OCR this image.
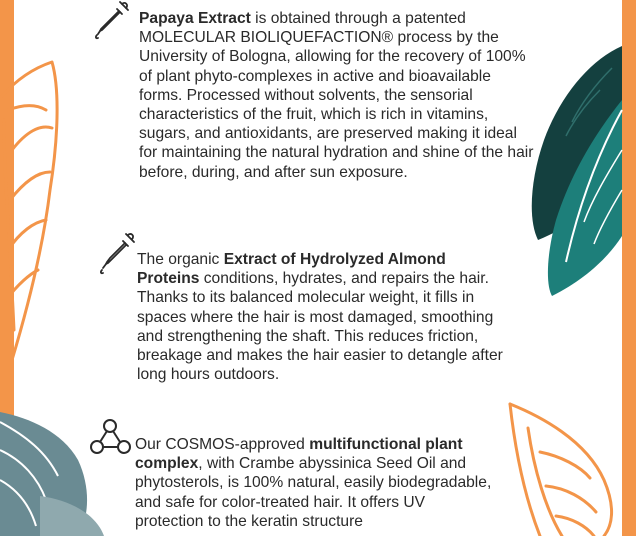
Papaya Extract is obtained through a patented MOLECULAR BIOLIQUEFACTION® process by the University of Bologna, allowing for the recovery of 100% of plant phyto-complexes in active and bioavailable forms. Processed without solvents, the sensorial characteristics of the fruit, which is rich in vitamins, sugars, and antioxidants, are preserved making it ideal for maintaining the natural hydration and shine of the hair before, during, and after sun exposure.

The organic Extract of Hydrolyzed Almond Proteins conditions, hydrates, and repairs the hair. Thanks to its balanced molecular weight, it fills in spaces where the hair is most damaged, smoothing and strengthening the shaft. This reduces friction, breakage and makes the hair easier to detangle after long hours outdoors.

Our COSMOS-approved multifunctional plant complex, with Crambe abyssinica Seed Oil and phytosterols, is 100% natural, easily biodegradable, and safe for color-treated hair. It offers UV protection to the keratin structure
